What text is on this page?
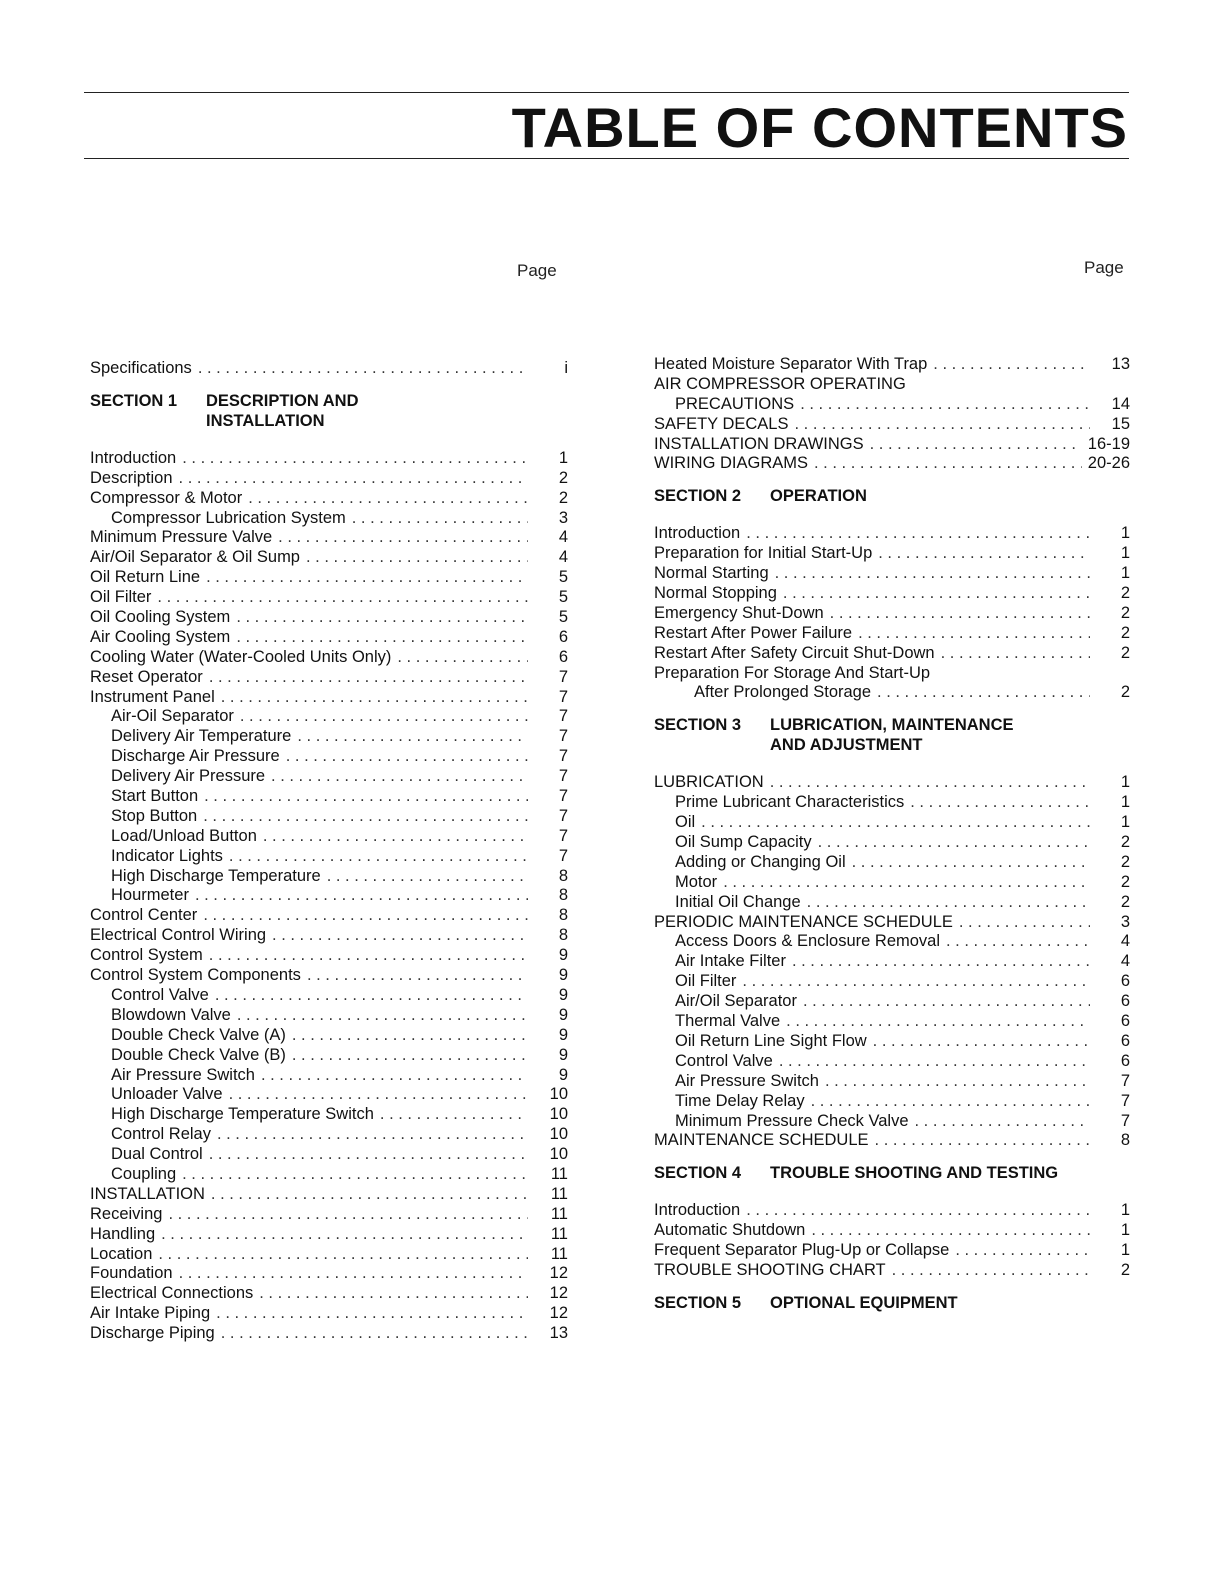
TABLE OF CONTENTS
Page	Page
Specifications . . .	i
SECTION 1	DESCRIPTION AND
INSTALLATION
Introduction . . .	1
Description . . .	2
Compressor & Motor . . .	2
Compressor Lubrication System . . .	3
Minimum Pressure Valve . . .	4
Air/Oil Separator & Oil Sump . . .	4
Oil Return Line . . .	5
Oil Filter . . .	5
Oil Cooling System . . .	5
Air Cooling System . . .	6
Cooling Water (Water-Cooled Units Only) . . .	6
Reset Operator . . .	7
Instrument Panel . . .	7
Air-Oil Separator . . .	7
Delivery Air Temperature . . .	7
Discharge Air Pressure . . .	7
Delivery Air Pressure . . .	7
Start Button . . .	7
Stop Button . . .	7
Load/Unload Button . . .	7
Indicator Lights . . .	7
High Discharge Temperature . . .	8
Hourmeter . . .	8
Control Center . . .	8
Electrical Control Wiring . . .	8
Control System . . .	9
Control System Components . . .	9
Control Valve . . .	9
Blowdown Valve . . .	9
Double Check Valve (A) . . .	9
Double Check Valve (B) . . .	9
Air Pressure Switch . . .	9
Unloader Valve . . .	10
High Discharge Temperature Switch . . .	10
Control Relay . . .	10
Dual Control . . .	10
Coupling . . .	11
INSTALLATION . . .	11
Receiving . . .	11
Handling . . .	11
Location . . .	11
Foundation . . .	12
Electrical Connections . . .	12
Air Intake Piping . . .	12
Discharge Piping . . .	13
Heated Moisture Separator With Trap . . .	13
AIR COMPRESSOR OPERATING
PRECAUTIONS . . .	14
SAFETY DECALS . . .	15
INSTALLATION DRAWINGS . . .	16-19
WIRING DIAGRAMS . . .	20-26
SECTION 2	OPERATION
Introduction . . .	1
Preparation for Initial Start-Up . . .	1
Normal Starting . . .	1
Normal Stopping . . .	2
Emergency Shut-Down . . .	2
Restart After Power Failure . . .	2
Restart After Safety Circuit Shut-Down . . .	2
Preparation For Storage And Start-Up
After Prolonged Storage . . .	2
SECTION 3	LUBRICATION, MAINTENANCE
AND ADJUSTMENT
LUBRICATION . . .	1
Prime Lubricant Characteristics . . .	1
Oil . . .	1
Oil Sump Capacity . . .	2
Adding or Changing Oil . . .	2
Motor . . .	2
Initial Oil Change . . .	2
PERIODIC MAINTENANCE SCHEDULE . . .	3
Access Doors & Enclosure Removal . . .	4
Air Intake Filter . . .	4
Oil Filter . . .	6
Air/Oil Separator . . .	6
Thermal Valve . . .	6
Oil Return Line Sight Flow . . .	6
Control Valve . . .	6
Air Pressure Switch . . .	7
Time Delay Relay . . .	7
Minimum Pressure Check Valve . . .	7
MAINTENANCE SCHEDULE . . .	8
SECTION 4	TROUBLE SHOOTING AND TESTING
Introduction . . .	1
Automatic Shutdown . . .	1
Frequent Separator Plug-Up or Collapse . . .	1
TROUBLE SHOOTING CHART . . .	2
SECTION 5	OPTIONAL EQUIPMENT
